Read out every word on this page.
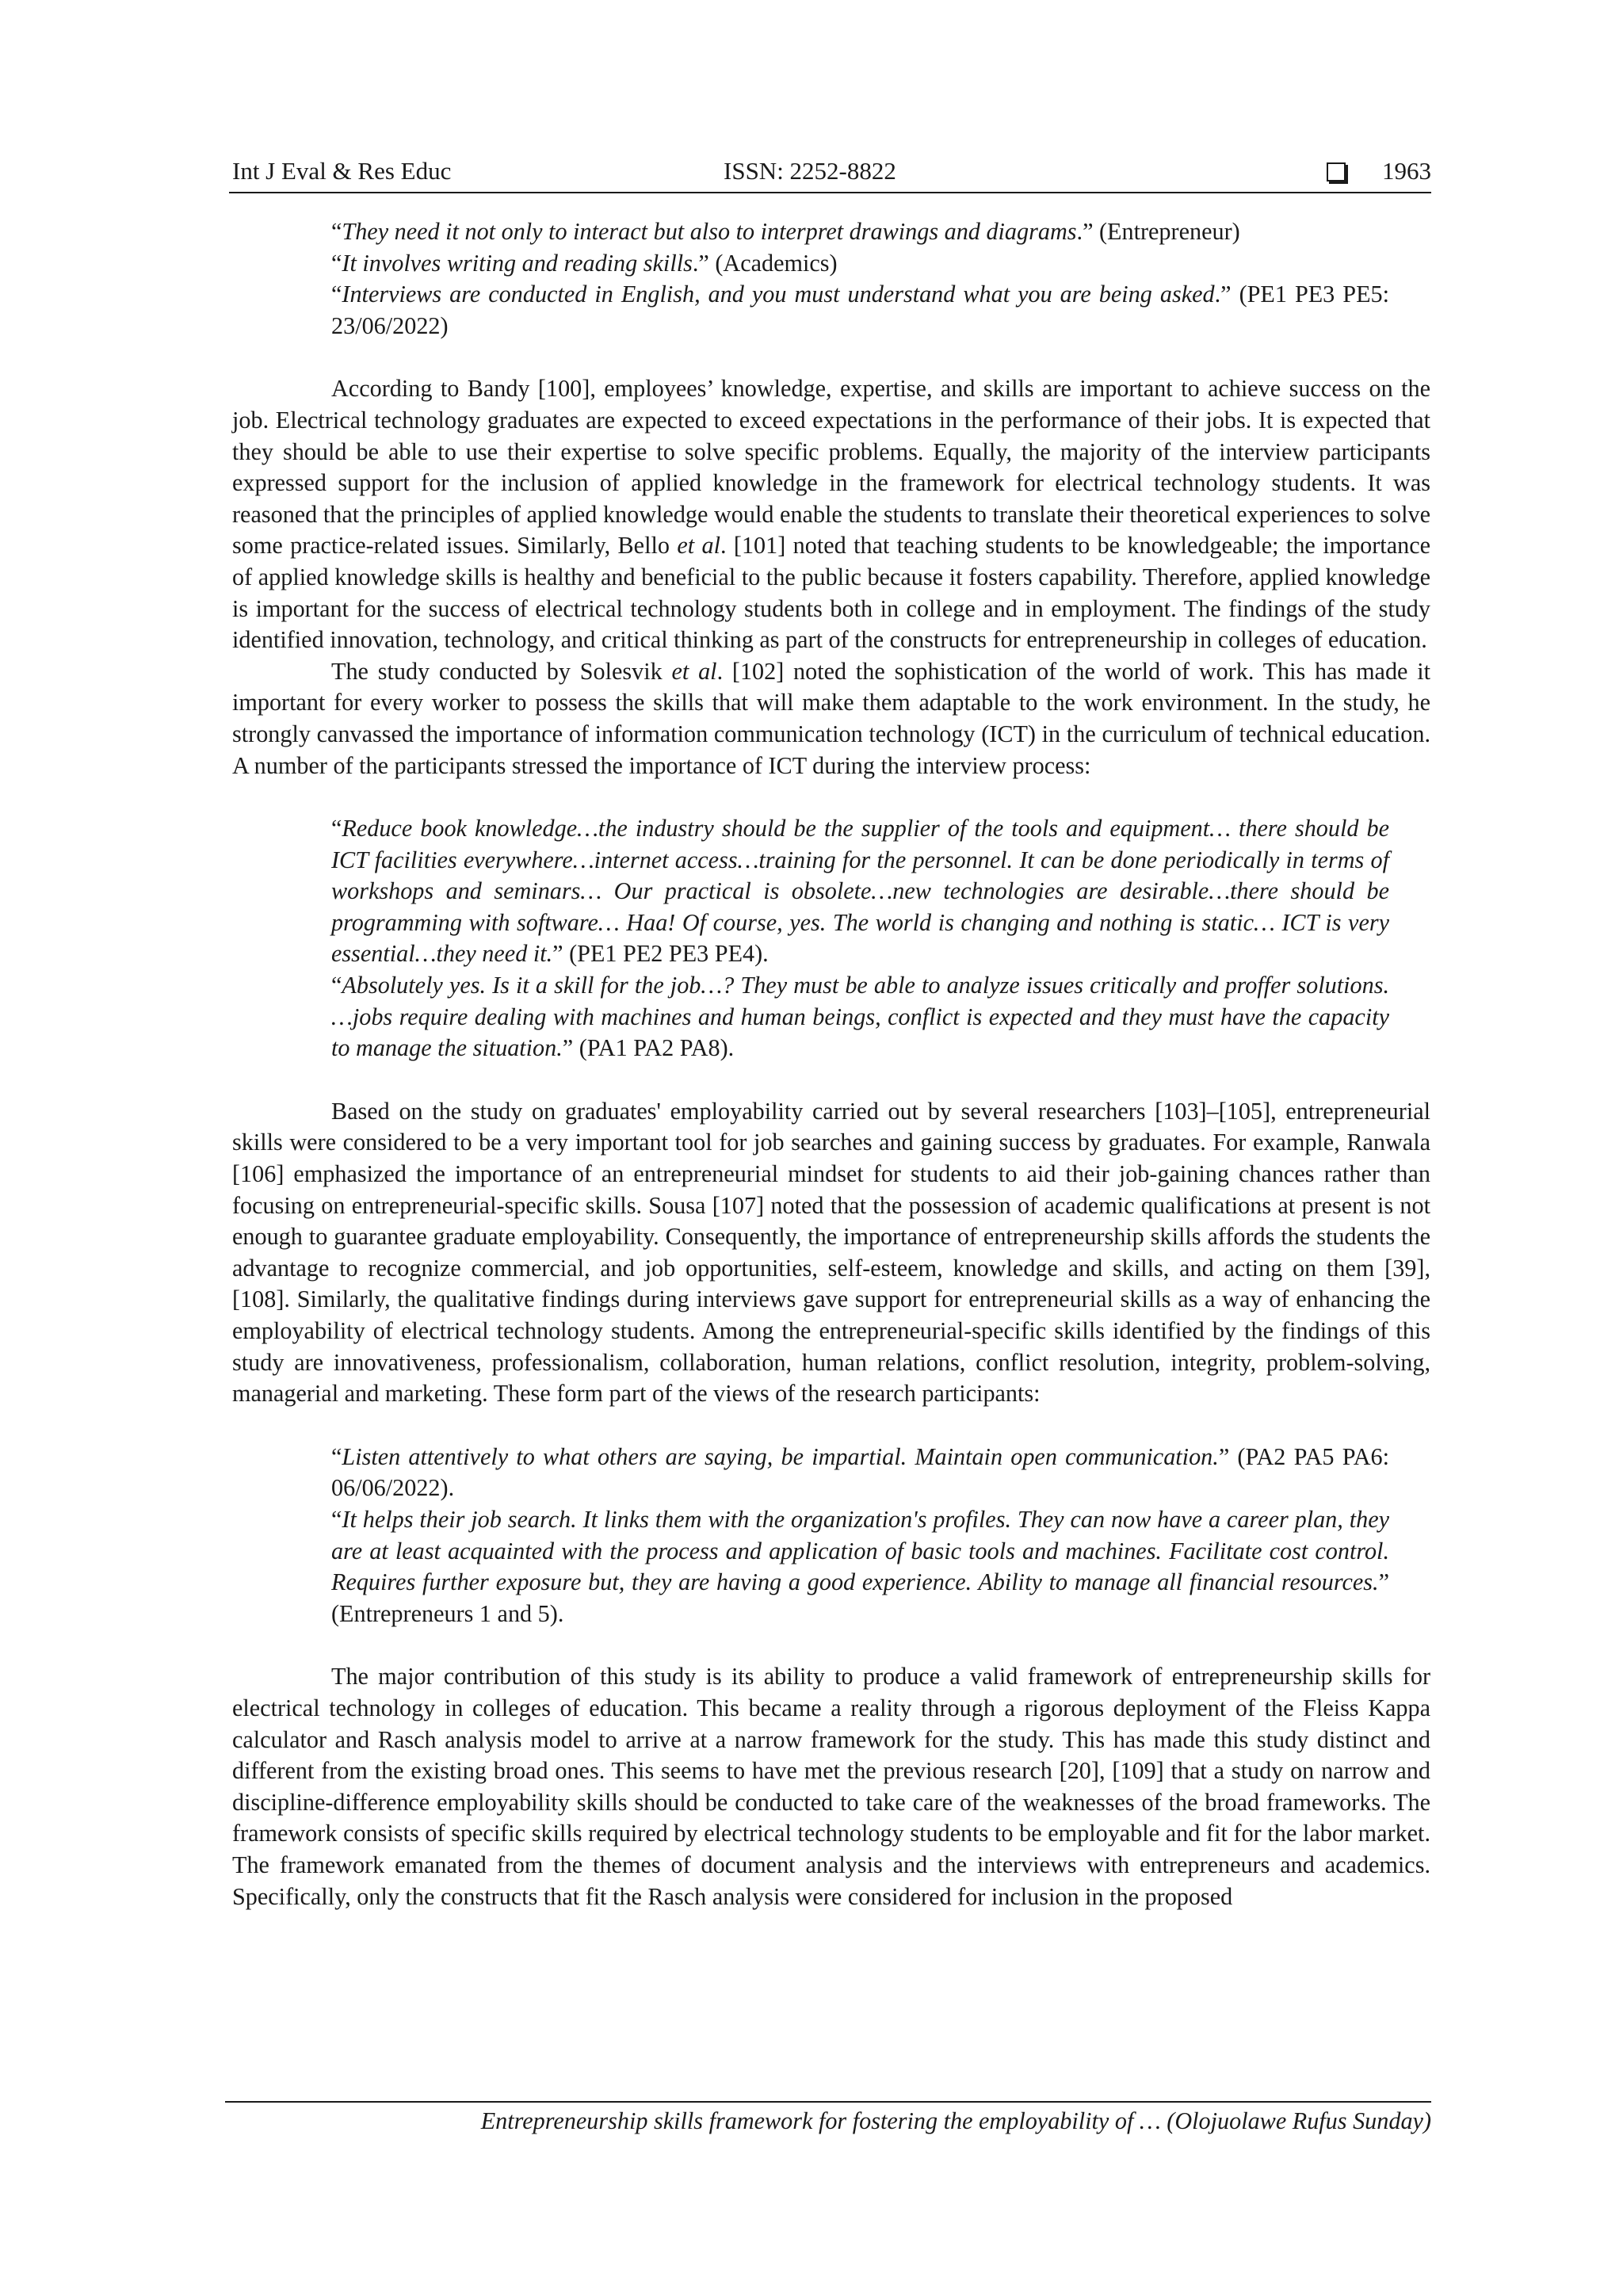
Int J Eval & Res Educ	ISSN: 2252-8822	1963

“They need it not only to interact but also to interpret drawings and diagrams.” (Entrepreneur)

“It involves writing and reading skills.” (Academics)

“Interviews are conducted in English, and you must understand what you are being asked.” (PE1 PE3 PE5: 23/06/2022)

According to Bandy [100], employees’ knowledge, expertise, and skills are important to achieve success on the job. Electrical technology graduates are expected to exceed expectations in the performance of their jobs. It is expected that they should be able to use their expertise to solve specific problems. Equally, the majority of the interview participants expressed support for the inclusion of applied knowledge in the framework for electrical technology students. It was reasoned that the principles of applied knowledge would enable the students to translate their theoretical experiences to solve some practice-related issues. Similarly, Bello et al. [101] noted that teaching students to be knowledgeable; the importance of applied knowledge skills is healthy and beneficial to the public because it fosters capability. Therefore, applied knowledge is important for the success of electrical technology students both in college and in employment. The findings of the study identified innovation, technology, and critical thinking as part of the constructs for entrepreneurship in colleges of education.

The study conducted by Solesvik et al. [102] noted the sophistication of the world of work. This has made it important for every worker to possess the skills that will make them adaptable to the work environment. In the study, he strongly canvassed the importance of information communication technology (ICT) in the curriculum of technical education. A number of the participants stressed the importance of ICT during the interview process:

“Reduce book knowledge…the industry should be the supplier of the tools and equipment… there should be ICT facilities everywhere…internet access…training for the personnel. It can be done periodically in terms of workshops and seminars… Our practical is obsolete…new technologies are desirable…there should be programming with software… Haa! Of course, yes. The world is changing and nothing is static… ICT is very essential…they need it.” (PE1 PE2 PE3 PE4).

“Absolutely yes. Is it a skill for the job…? They must be able to analyze issues critically and proffer solutions. …jobs require dealing with machines and human beings, conflict is expected and they must have the capacity to manage the situation.” (PA1 PA2 PA8).

Based on the study on graduates' employability carried out by several researchers [103]–[105], entrepreneurial skills were considered to be a very important tool for job searches and gaining success by graduates. For example, Ranwala [106] emphasized the importance of an entrepreneurial mindset for students to aid their job-gaining chances rather than focusing on entrepreneurial-specific skills. Sousa [107] noted that the possession of academic qualifications at present is not enough to guarantee graduate employability. Consequently, the importance of entrepreneurship skills affords the students the advantage to recognize commercial, and job opportunities, self-esteem, knowledge and skills, and acting on them [39], [108]. Similarly, the qualitative findings during interviews gave support for entrepreneurial skills as a way of enhancing the employability of electrical technology students. Among the entrepreneurial-specific skills identified by the findings of this study are innovativeness, professionalism, collaboration, human relations, conflict resolution, integrity, problem-solving, managerial and marketing. These form part of the views of the research participants:

“Listen attentively to what others are saying, be impartial. Maintain open communication.” (PA2 PA5 PA6: 06/06/2022).

“It helps their job search. It links them with the organization's profiles. They can now have a career plan, they are at least acquainted with the process and application of basic tools and machines. Facilitate cost control. Requires further exposure but, they are having a good experience. Ability to manage all financial resources.” (Entrepreneurs 1 and 5).

The major contribution of this study is its ability to produce a valid framework of entrepreneurship skills for electrical technology in colleges of education. This became a reality through a rigorous deployment of the Fleiss Kappa calculator and Rasch analysis model to arrive at a narrow framework for the study. This has made this study distinct and different from the existing broad ones. This seems to have met the previous research [20], [109] that a study on narrow and discipline-difference employability skills should be conducted to take care of the weaknesses of the broad frameworks. The framework consists of specific skills required by electrical technology students to be employable and fit for the labor market. The framework emanated from the themes of document analysis and the interviews with entrepreneurs and academics. Specifically, only the constructs that fit the Rasch analysis were considered for inclusion in the proposed

Entrepreneurship skills framework for fostering the employability of … (Olojuolawe Rufus Sunday)
